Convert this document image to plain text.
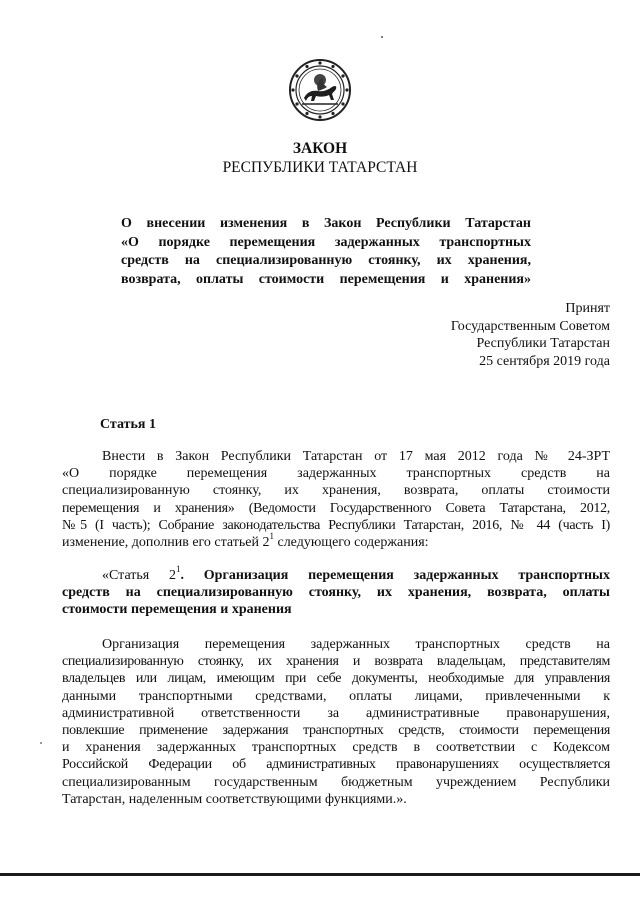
ЗАКОН
РЕСПУБЛИКИ ТАТАРСТАН
О внесении изменения в Закон Республики Татарстан
«О порядке перемещения задержанных транспортных
средств на специализированную стоянку, их хранения,
возврата, оплаты стоимости перемещения и хранения»
Принят
Государственным Советом
Республики Татарстан
25 сентября 2019 года
Статья 1
Внести в Закон Республики Татарстан от 17 мая 2012 года № 24-ЗРТ
«О порядке перемещения задержанных транспортных средств на
специализированную стоянку, их хранения, возврата, оплаты стоимости
перемещения и хранения» (Ведомости Государственного Совета Татарстана, 2012,
№5 (I часть); Собрание законодательства Республики Татарстан, 2016, № 44 (часть I)
изменение, дополнив его статьей $2^1$ следующего содержания:
«Статья $2^1$. Организация перемещения задержанных транспортных
средств на специализированную стоянку, их хранения, возврата, оплаты
стоимости перемещения и хранения
Организация перемещения задержанных транспортных средств на
специализированную стоянку, их хранения и возврата владельцам, представителям
владельцев или лицам, имеющим при себе документы, необходимые для управления
данными транспортными средствами, оплаты лицами, привлеченными к
административной ответственности за административные правонарушения,
повлекшие применение задержания транспортных средств, стоимости перемещения
и хранения задержанных транспортных средств в соответствии с Кодексом
Российской Федерации об административных правонарушениях осуществляется
специализированным государственным бюджетным учреждением Республики
Татарстан, наделенным соответствующими функциями.».
